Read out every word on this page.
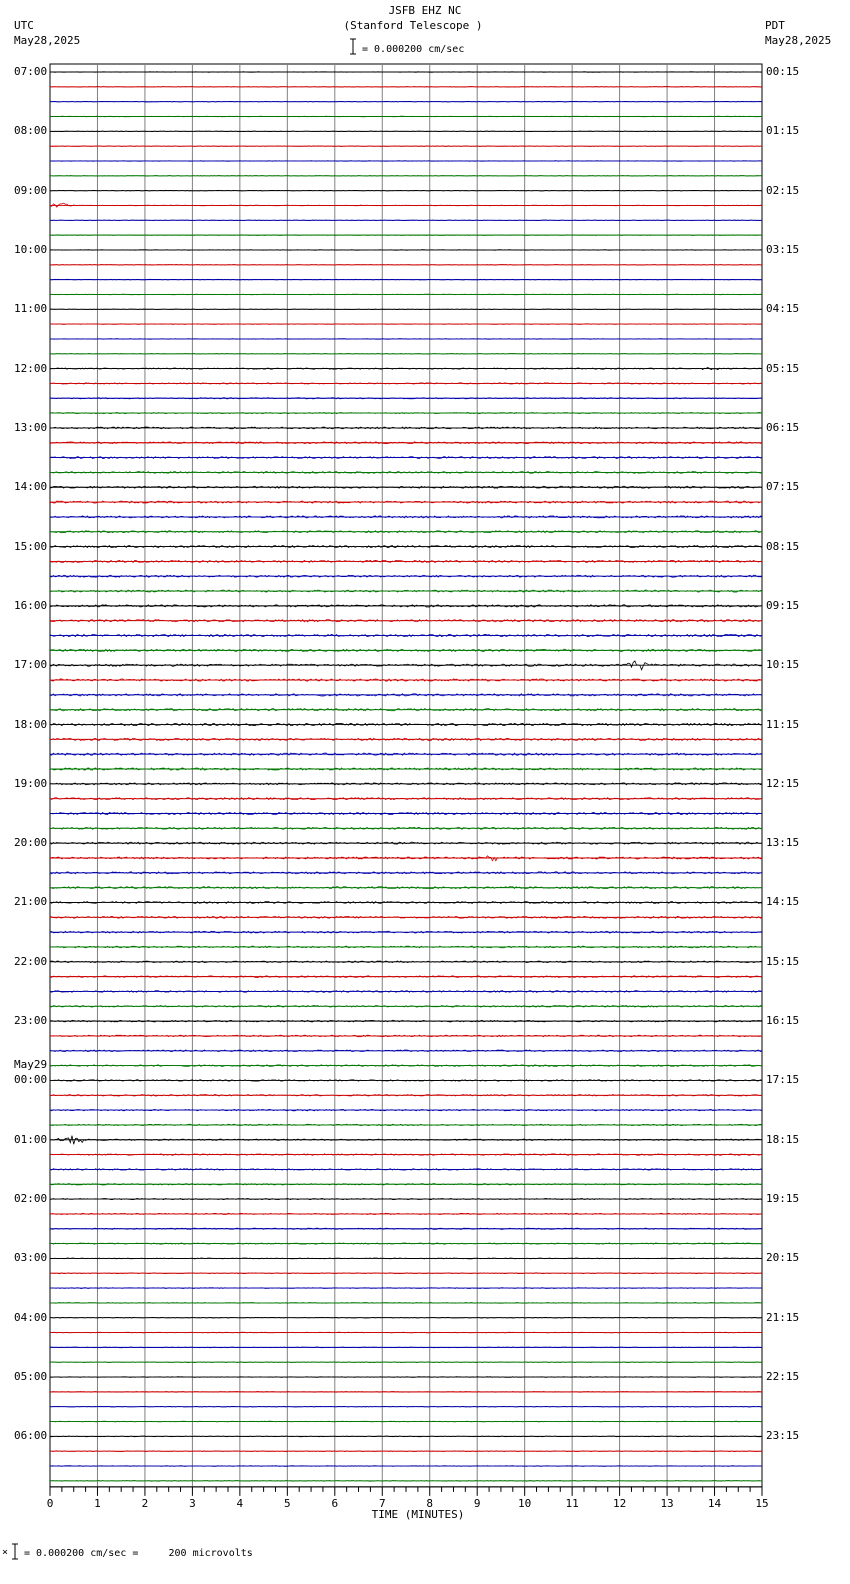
0	1	2	3	4	5	6	7	8	9	10	11	12	13	14	15
JSFB EHZ NC
(Stanford Telescope )
UTC
May28,2025
PDT
May28,2025
= 0.000200 cm/sec
07:00
08:00
09:00
10:00
11:00
12:00
13:00
14:00
15:00
16:00
17:00
18:00
19:00
20:00
21:00
22:00
23:00
00:00
01:00
02:00
03:00
04:00
05:00
06:00
00:15
01:15
02:15
03:15
04:15
05:15
06:15
07:15
08:15
09:15
10:15
11:15
12:15
13:15
14:15
15:15
16:15
17:15
18:15
19:15
20:15
21:15
22:15
23:15
May29
TIME (MINUTES)
× = 0.000200 cm/sec =     200 microvolts
